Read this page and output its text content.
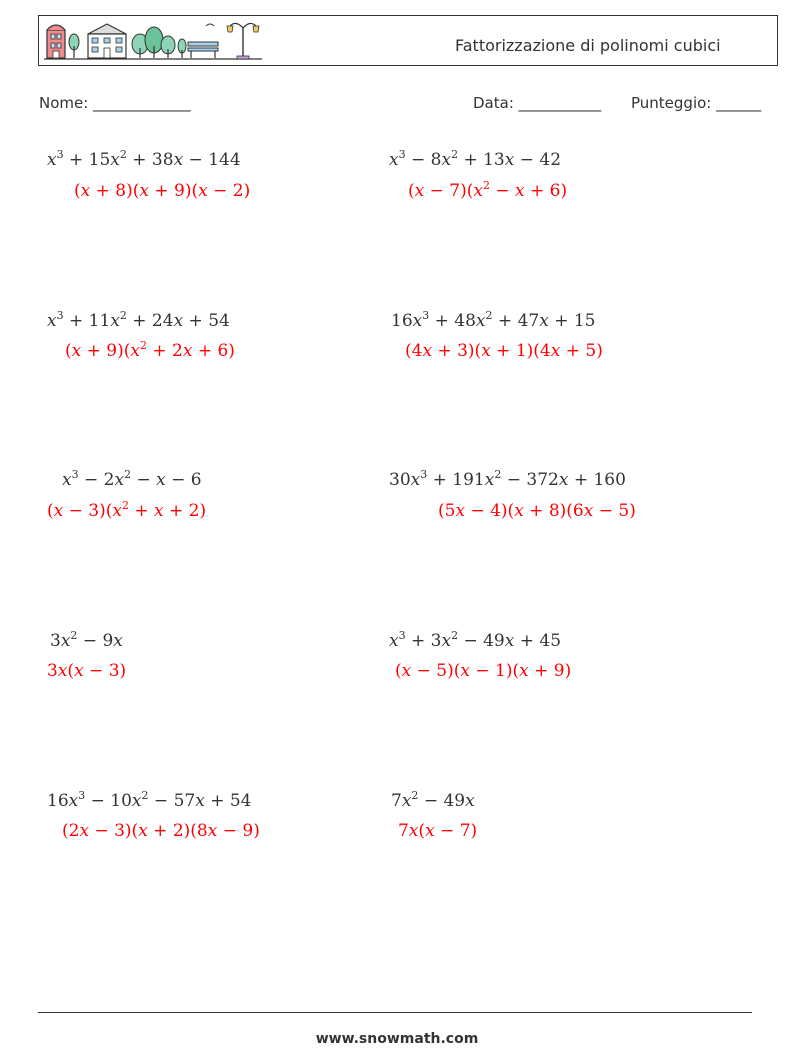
Fattorizzazione di polinomi cubici
Nome: _____________	Data: ___________ Punteggio: ______
$x^3 + 15x^2 + 38x - 144$
(x + 8)(x + 9)(x − 2)
$x^3 - 8x^2 + 13x - 42$
$(x - 7)(x^2 - x + 6)$
$x^3 + 11x^2 + 24x + 54$
$(x + 9)(x^2 + 2x + 6)$
$16x^3 + 48x^2 + 47x + 15$
(4x + 3)(x + 1)(4x + 5)
$x^3 - 2x^2 - x - 6$
$(x - 3)(x^2 + x + 2)$
$30x^3 + 191x^2 - 372x + 160$
(5x − 4)(x + 8)(6x − 5)
$3x^2 - 9x$
3x(x − 3)
$x^3 + 3x^2 - 49x + 45$
(x − 5)(x − 1)(x + 9)
$16x^3 - 10x^2 - 57x + 54$
(2x − 3)(x + 2)(8x − 9)
$7x^2 - 49x$
7x(x − 7)
www.snowmath.com
